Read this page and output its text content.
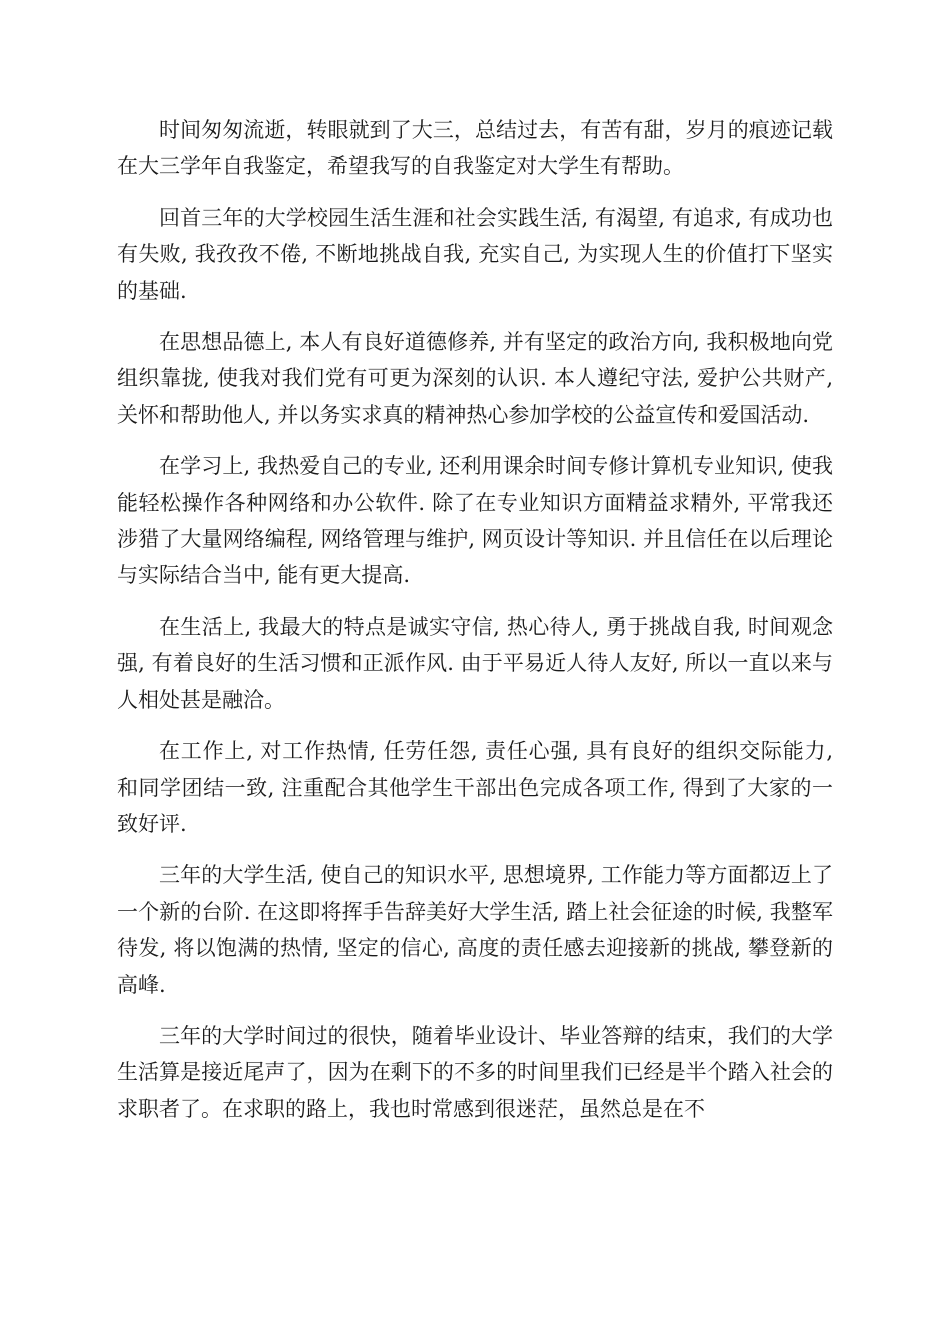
时间匆匆流逝，转眼就到了大三，总结过去，有苦有甜，岁月的痕迹记载在大三学年自我鉴定，希望我写的自我鉴定对大学生有帮助。

回首三年的大学校园生活生涯和社会实践生活, 有渴望, 有追求, 有成功也有失败, 我孜孜不倦, 不断地挑战自我, 充实自己, 为实现人生的价值打下坚实的基础.

在思想品德上, 本人有良好道德修养, 并有坚定的政治方向, 我积极地向党组织靠拢, 使我对我们党有可更为深刻的认识. 本人遵纪守法, 爱护公共财产, 关怀和帮助他人, 并以务实求真的精神热心参加学校的公益宣传和爱国活动.

在学习上, 我热爱自己的专业, 还利用课余时间专修计算机专业知识, 使我能轻松操作各种网络和办公软件. 除了在专业知识方面精益求精外, 平常我还涉猎了大量网络编程, 网络管理与维护, 网页设计等知识. 并且信任在以后理论与实际结合当中, 能有更大提高.

在生活上, 我最大的特点是诚实守信, 热心待人, 勇于挑战自我, 时间观念强, 有着良好的生活习惯和正派作风. 由于平易近人待人友好, 所以一直以来与人相处甚是融洽。

在工作上, 对工作热情, 任劳任怨, 责任心强, 具有良好的组织交际能力, 和同学团结一致, 注重配合其他学生干部出色完成各项工作, 得到了大家的一致好评.

三年的大学生活, 使自己的知识水平, 思想境界, 工作能力等方面都迈上了一个新的台阶. 在这即将挥手告辞美好大学生活, 踏上社会征途的时候, 我整军待发, 将以饱满的热情, 坚定的信心, 高度的责任感去迎接新的挑战, 攀登新的高峰.

三年的大学时间过的很快，随着毕业设计、毕业答辩的结束，我们的大学生活算是接近尾声了，因为在剩下的不多的时间里我们已经是半个踏入社会的求职者了。在求职的路上，我也时常感到很迷茫，虽然总是在不
